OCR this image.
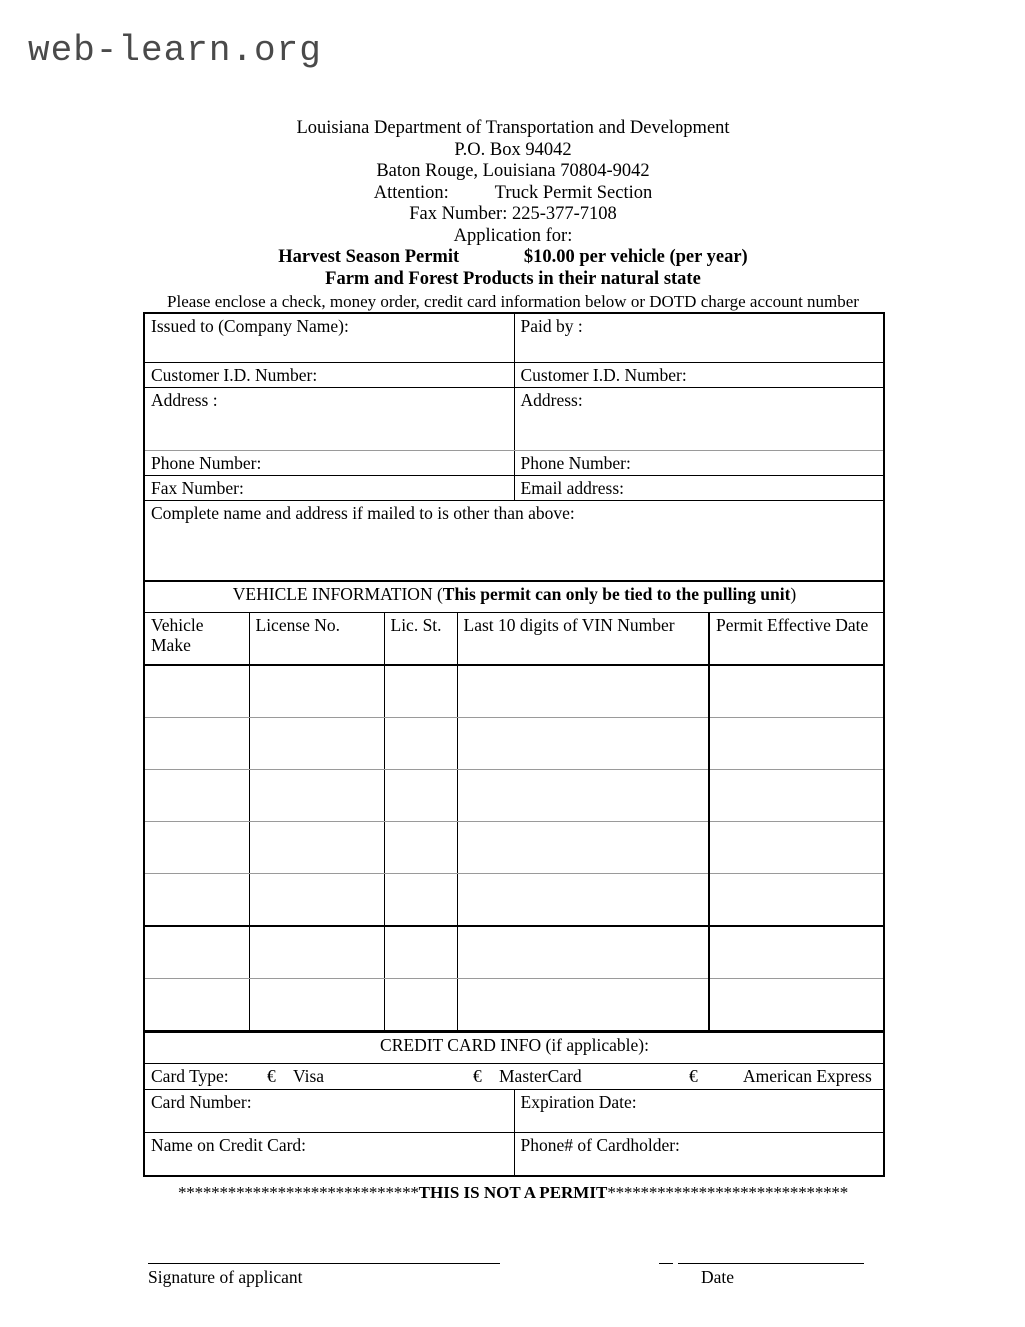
web-learn.org
Louisiana Department of Transportation and Development
P.O. Box 94042
Baton Rouge, Louisiana 70804-9042
Attention:          Truck Permit Section
Fax Number: 225-377-7108
Application for:
Harvest Season Permit              $10.00 per vehicle (per year)
Farm and Forest Products in their natural state
Please enclose a check, money order, credit card information below or DOTD charge account number
Issued to (Company Name):	Paid by :
Customer I.D. Number:	Customer I.D. Number:
Address :	Address:
Phone Number:	Phone Number:
Fax Number:	Email address:
Complete name and address if mailed to is other than above:	
VEHICLE INFORMATION (This permit can only be tied to the pulling unit)				
Vehicle Make	License No.	Lic. St.	Last 10 digits of VIN Number	Permit Effective Date

CREDIT CARD INFO (if applicable):	

Card Type:	€ Visa	€ MasterCard	€	American Express

Card Number:	Expiration Date:
Name on Credit Card:	Phone# of Cardholder:
*****************************THIS IS NOT A PERMIT*****************************
Signature of applicant	Date
